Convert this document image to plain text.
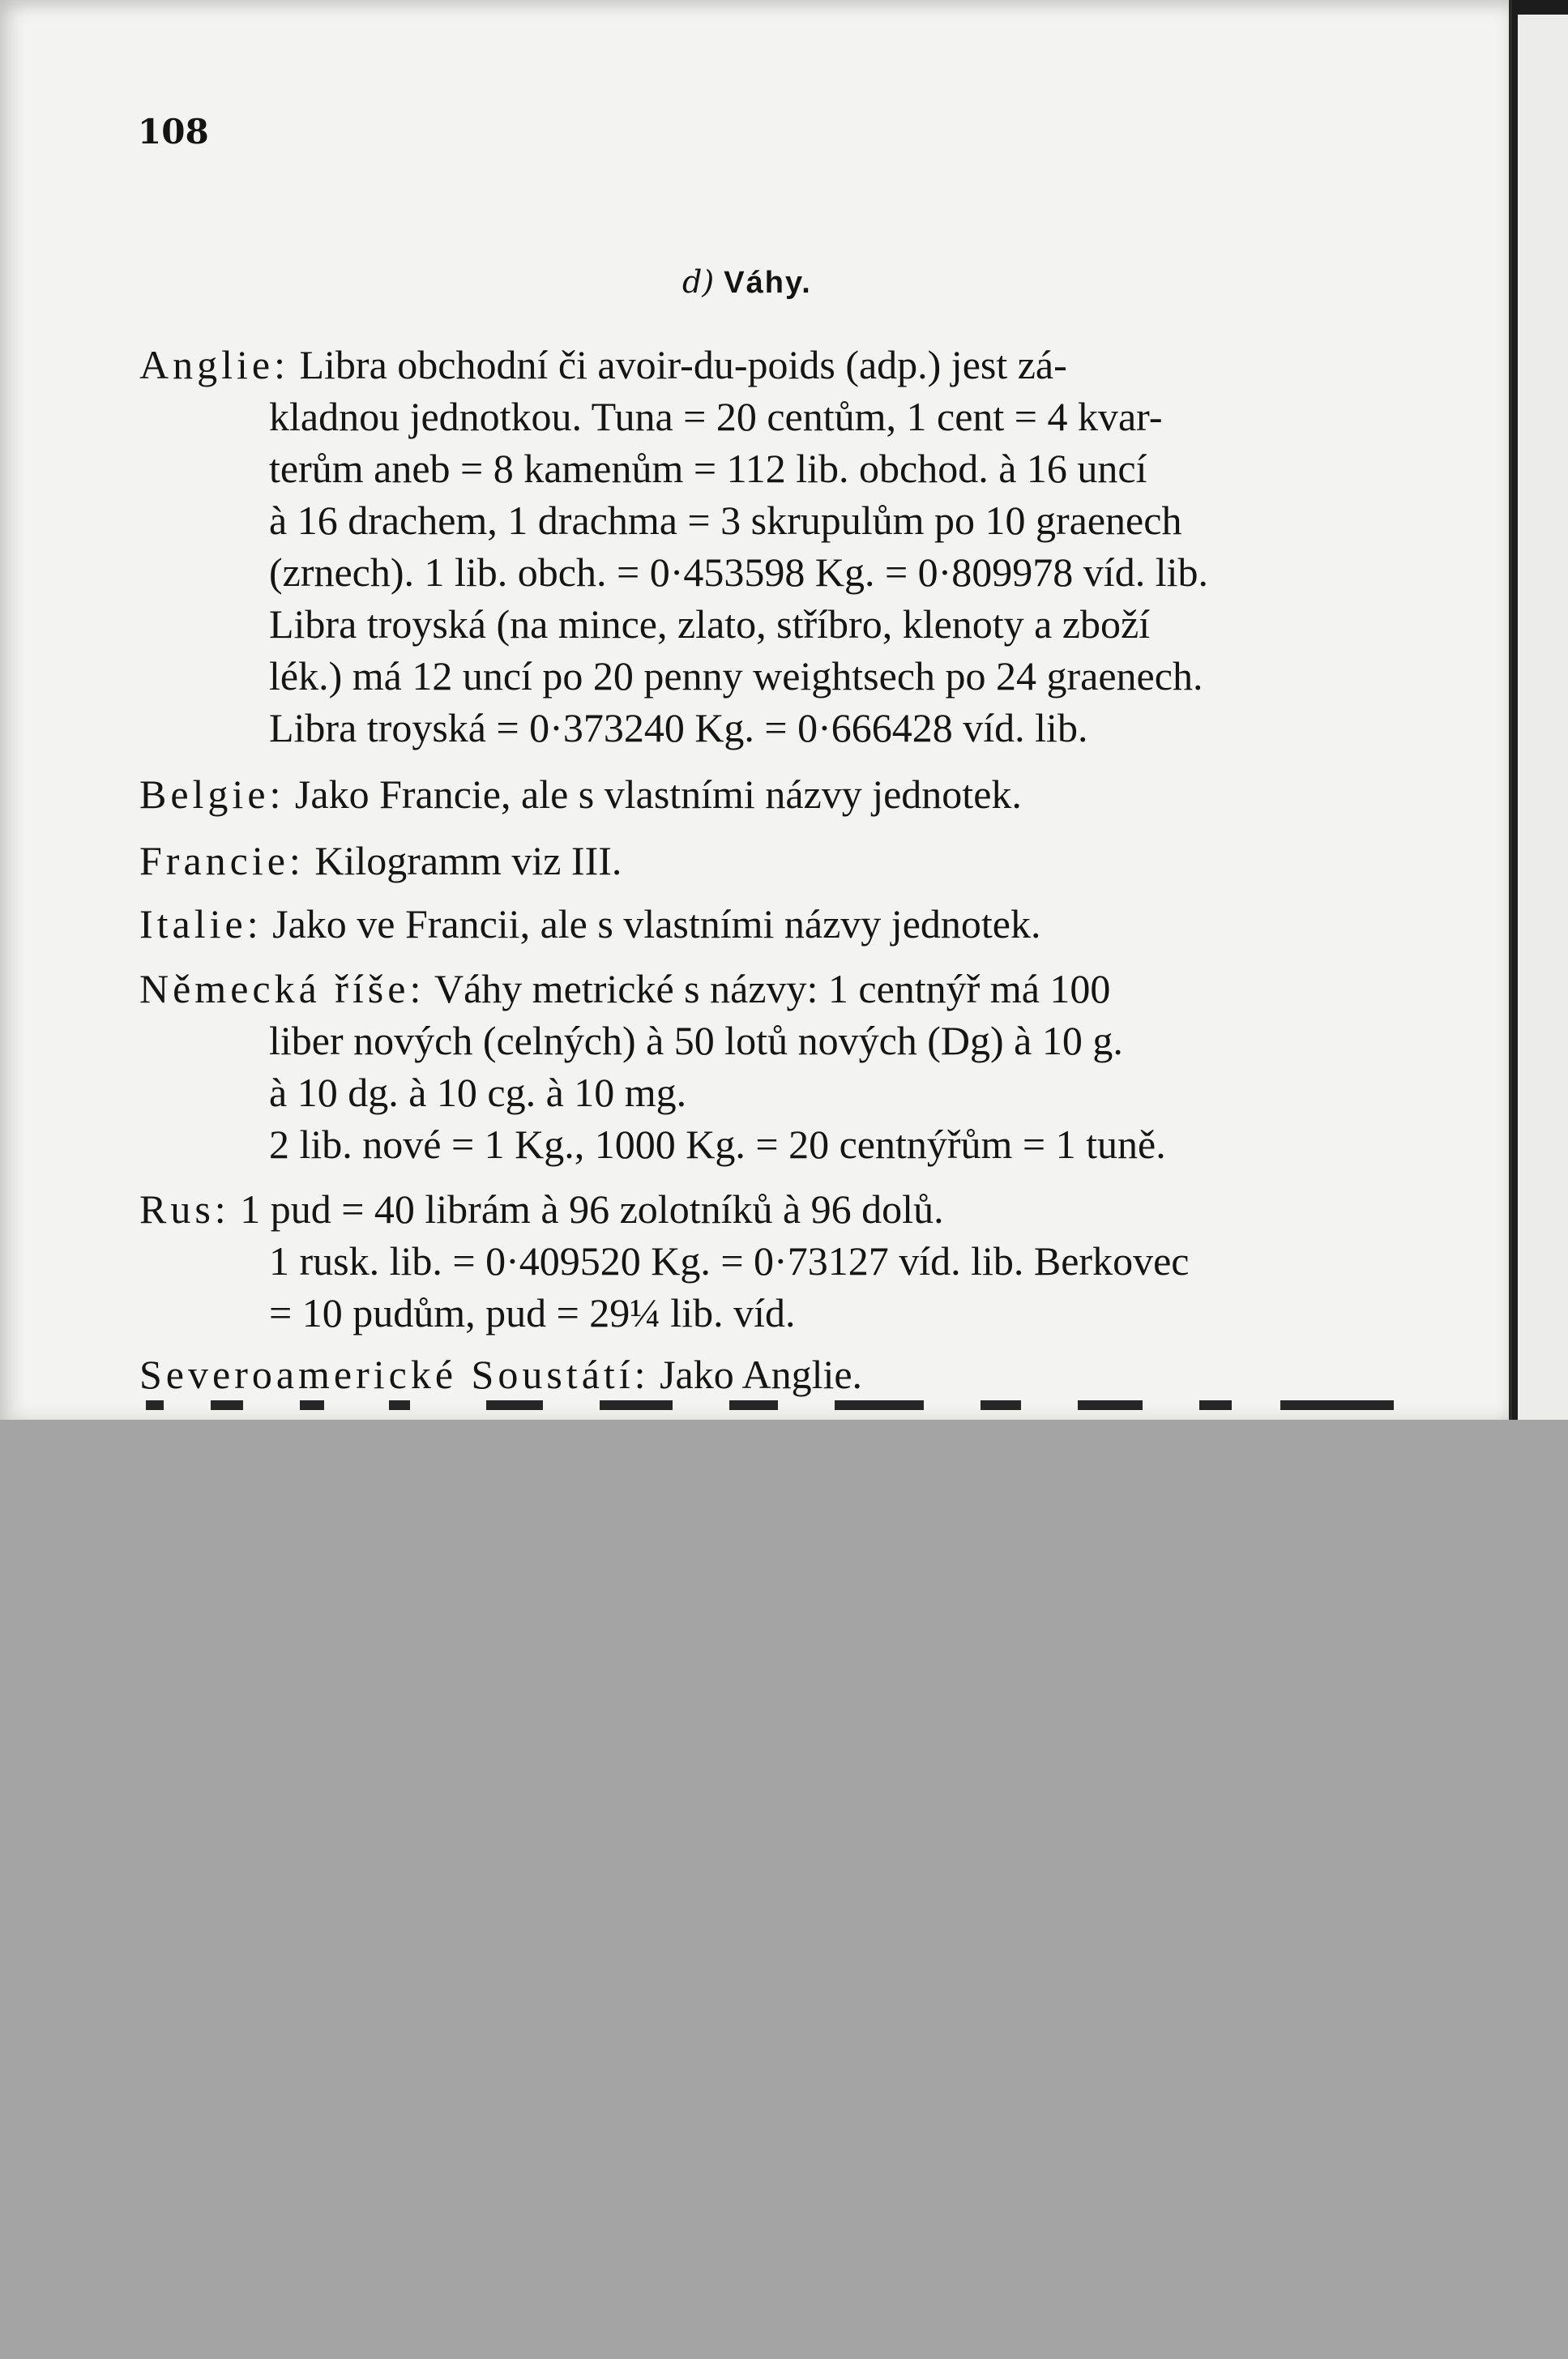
108
d) Váhy.
Anglie: Libra obchodní či avoir-du-poids (adp.) jest zá-
kladnou jednotkou. Tuna = 20 centům, 1 cent = 4 kvar-
terům aneb = 8 kamenům = 112 lib. obchod. à 16 uncí
à 16 drachem, 1 drachma = 3 skrupulům po 10 graenech
(zrnech). 1 lib. obch. = 0·453598 Kg. = 0·809978 víd. lib.
Libra troyská (na mince, zlato, stříbro, klenoty a zboží
lék.) má 12 uncí po 20 penny weightsech po 24 graenech.
Libra troyská = 0·373240 Kg. = 0·666428 víd. lib.
Belgie: Jako Francie, ale s vlastními názvy jednotek.
Francie: Kilogramm viz III.
Italie: Jako ve Francii, ale s vlastními názvy jednotek.
Německá říše: Váhy metrické s názvy: 1 centnýř má 100
liber nových (celných) à 50 lotů nových (Dg) à 10 g.
à 10 dg. à 10 cg. à 10 mg.
2 lib. nové = 1 Kg., 1000 Kg. = 20 centnýřům = 1 tuně.
Rus: 1 pud = 40 librám à 96 zolotníků à 96 dolů.
1 rusk. lib. = 0·409520 Kg. = 0·73127 víd. lib. Berkovec
= 10 pudům, pud = 29¼ lib. víd.
Severoamerické Soustátí: Jako Anglie.
